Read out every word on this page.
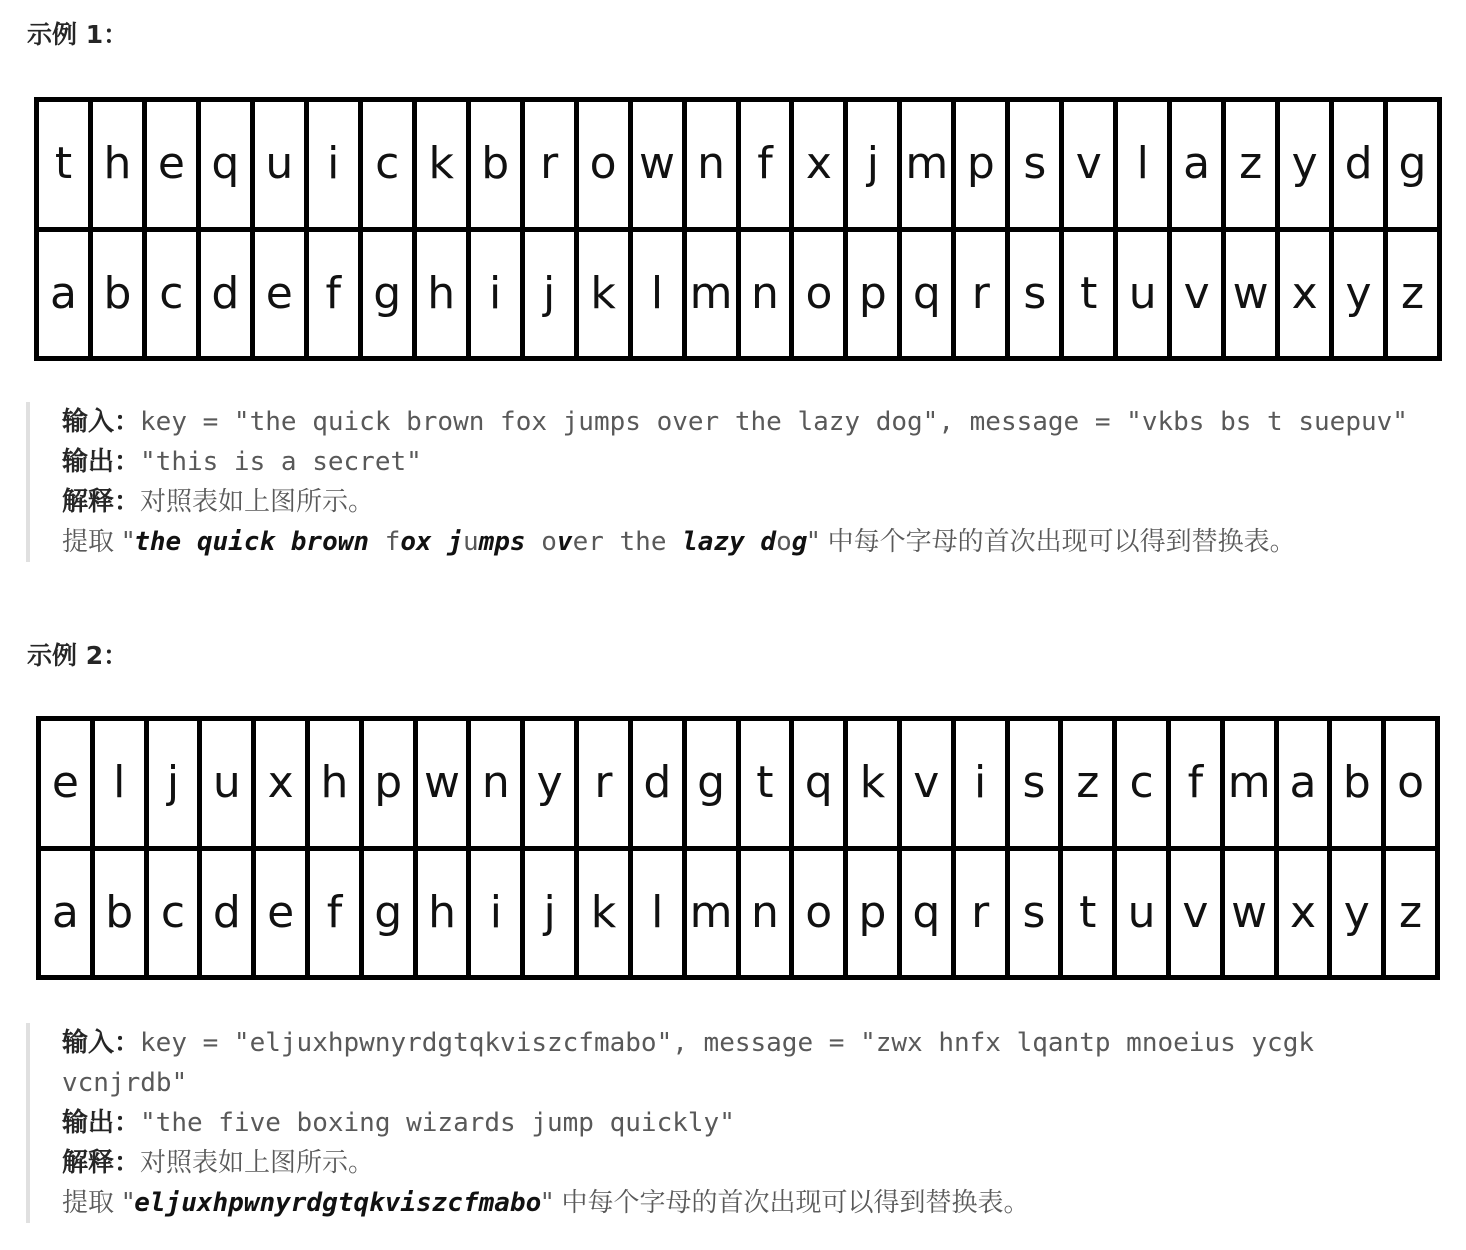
示例 1：
t h e q u i c k b r o w n f x j m p s v l a z y d g
a b c d e f g h i j k l m n o p q r s t u v w x y z
输入：key = "the quick brown fox jumps over the lazy dog", message = "vkbs bs t suepuv"
输出："this is a secret"
解释：对照表如上图所示。
提取 "the quick brown fox jumps over the lazy dog" 中每个字母的首次出现可以得到替换表。
示例 2：
e l j u x h p w n y r d g t q k v i s z c f m a b o
a b c d e f g h i j k l m n o p q r s t u v w x y z
输入：key = "eljuxhpwnyrdgtqkviszcfmabo", message = "zwx hnfx lqantp mnoeius ycgk vcnjrdb"
输出："the five boxing wizards jump quickly"
解释：对照表如上图所示。
提取 "eljuxhpwnyrdgtqkviszcfmabo" 中每个字母的首次出现可以得到替换表。
